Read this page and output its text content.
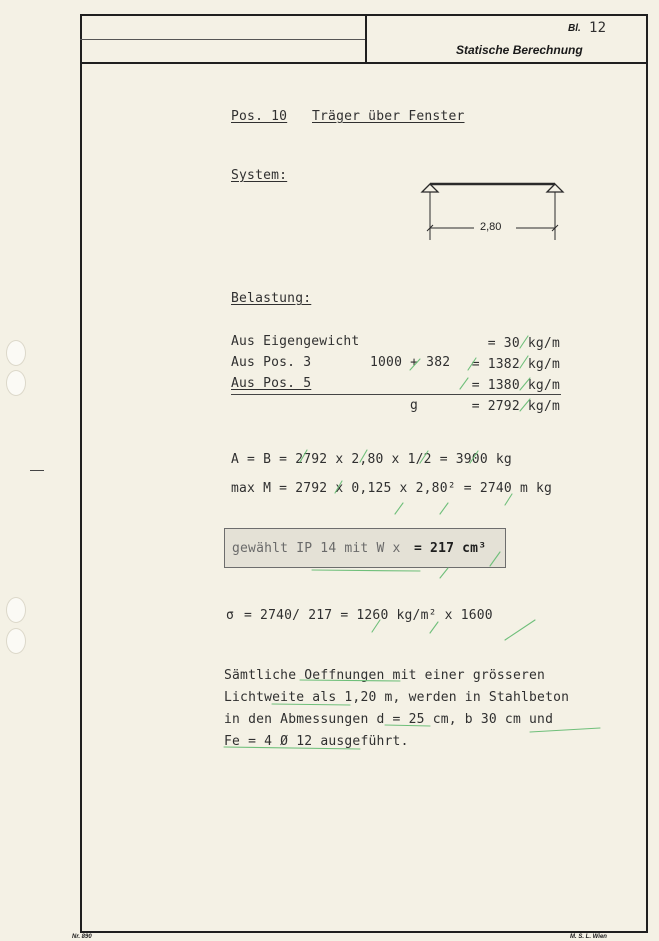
Bl. 12
Statische Berechnung
Pos. 10 Träger über Fenster
System:
2,80
Belastung:
Aus Eigengewicht	= 30 kg/m
Aus Pos. 3	1000 + 382	= 1382 kg/m
Aus Pos. 5	= 1380 kg/m
g	= 2792 kg/m
A = B = 2792 x 2,80 x 1/2 = 3900 kg
max M = 2792 x 0,125 x 2,80² = 2740 m kg
gewählt IP 14 mit W x = 217 cm³
σ = 2740/ 217 = 1260 kg/m² x 1600
Sämtliche Oeffnungen mit einer grösseren
Lichtweite als 1,20 m, werden in Stahlbeton
in den Abmessungen d = 25 cm, b 30 cm und
Fe = 4 Ø 12 ausgeführt.
Nr. 890	M. S. L. Wien
